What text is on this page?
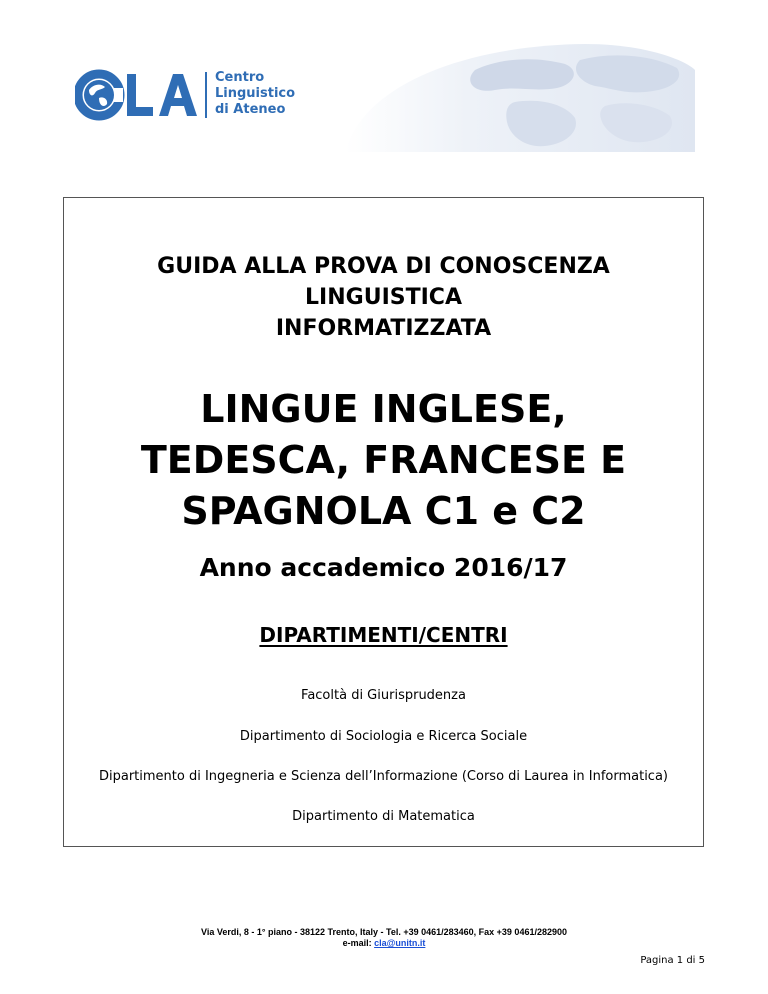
Centro
Linguistico
di Ateneo
GUIDA ALLA PROVA DI CONOSCENZA
LINGUISTICA
INFORMATIZZATA
LINGUE INGLESE,
TEDESCA, FRANCESE E
SPAGNOLA C1 e C2
Anno accademico 2016/17
DIPARTIMENTI/CENTRI
Facoltà di Giurisprudenza
Dipartimento di Sociologia e Ricerca Sociale
Dipartimento di Ingegneria e Scienza dell’Informazione (Corso di Laurea in Informatica)
Dipartimento di Matematica
Via Verdi, 8 - 1° piano - 38122 Trento, Italy - Tel. +39 0461/283460, Fax +39 0461/282900
e-mail: cla@unitn.it
Pagina 1 di 5
